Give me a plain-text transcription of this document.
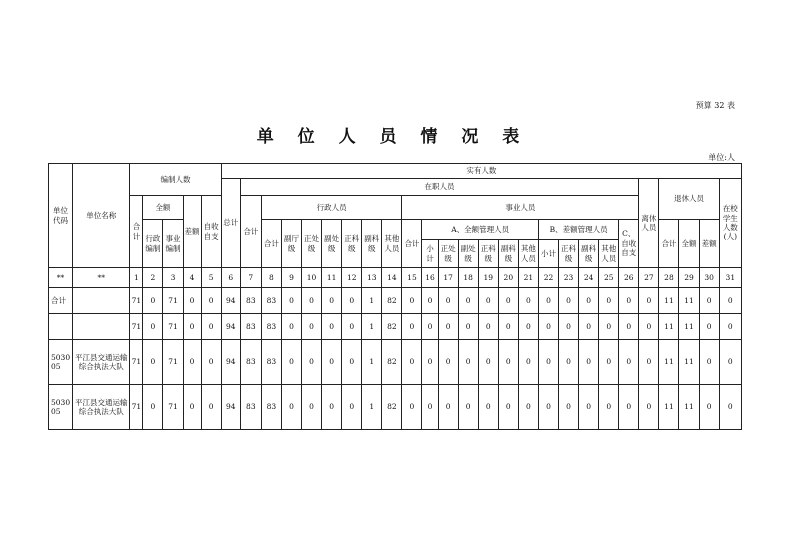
预算 32 表
单 位 人 员 情 况 表
单位:人
单位代码	单位名称	编制人数					实有人数																									
							总计	在职人员																				离休人员	退休人员			在校学生人数(人)
		合计	全额		差额	自收自支		合计	行政人员							事业人员																
			行政编制	事业编制					合计	副厅级	正处级	副处级	正科级	副科级	其他人员	合计	A、全额管理人员						B、差额管理人员				C、自收自支		合计	全额	差额	
																	小计	正处级	副处级	正科级	副科级	其他人员	小计	正科级	副科级	其他人员						
**	**	1	2	3	4	5	6	7	8	9	10	11	12	13	14	15	16	17	18	19	20	21	22	23	24	25	26	27	28	29	30	31
合计		71	0	71	0	0	94	83	83	0	0	0	0	1	82	0	0	0	0	0	0	0	0	0	0	0	0	0	11	11	0	0
		71	0	71	0	0	94	83	83	0	0	0	0	1	82	0	0	0	0	0	0	0	0	0	0	0	0	0	11	11	0	0
503005	平江县交通运输综合执法大队	71	0	71	0	0	94	83	83	0	0	0	0	1	82	0	0	0	0	0	0	0	0	0	0	0	0	0	11	11	0	0
503005	平江县交通运输综合执法大队	71	0	71	0	0	94	83	83	0	0	0	0	1	82	0	0	0	0	0	0	0	0	0	0	0	0	0	11	11	0	0
